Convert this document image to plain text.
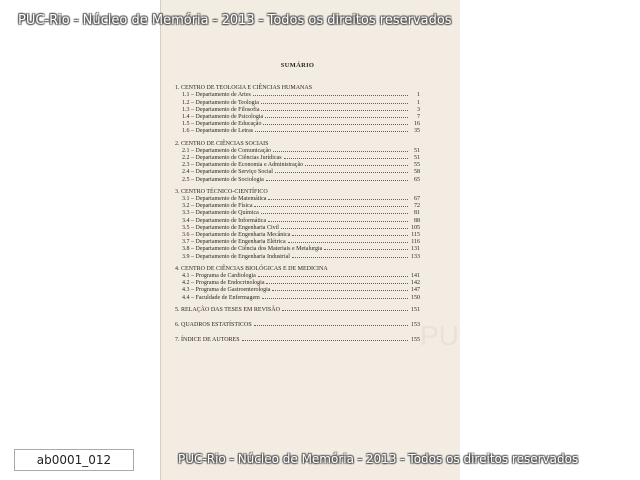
PU
PUC-Rio - Núcleo de Memória - 2013 - Todos os direitos reservados
SUMÁRIO
1. CENTRO DE TEOLOGIA E CIÊNCIAS HUMANAS
1.1 – Departamento de Artes	1
1.2 – Departamento de Teologia	1
1.3 – Departamento de Filosofia	3
1.4 – Departamento de Psicologia	7
1.5 – Departamento de Educação	16
1.6 – Departamento de Letras	35
2. CENTRO DE CIÊNCIAS SOCIAIS
2.1 – Departamento de Comunicação	51
2.2 – Departamento de Ciências Jurídicas	51
2.3 – Departamento de Economia e Administração	55
2.4 – Departamento de Serviço Social	58
2.5 – Departamento de Sociologia	65
3. CENTRO TÉCNICO-CIENTÍFICO
3.1 – Departamento de Matemática	67
3.2 – Departamento de Física	72
3.3 – Departamento de Química	81
3.4 – Departamento de Informática	88
3.5 – Departamento de Engenharia Civil	105
3.6 – Departamento de Engenharia Mecânica	115
3.7 – Departamento de Engenharia Elétrica	116
3.8 – Departamento de Ciência dos Materiais e Metalurgia	131
3.9 – Departamento de Engenharia Industrial	133
4. CENTRO DE CIÊNCIAS BIOLÓGICAS E DE MEDICINA
4.1 – Programa de Cardiologia	141
4.2 – Programa de Endocrinologia	142
4.3 – Programa de Gastroenterologia	147
4.4 – Faculdade de Enfermagem	150
5. RELAÇÃO DAS TESES EM REVISÃO	151
6. QUADROS ESTATÍSTICOS	153
7. ÍNDICE DE AUTORES	155
PUC-Rio - Núcleo de Memória - 2013 - Todos os direitos reservados
ab0001_012
